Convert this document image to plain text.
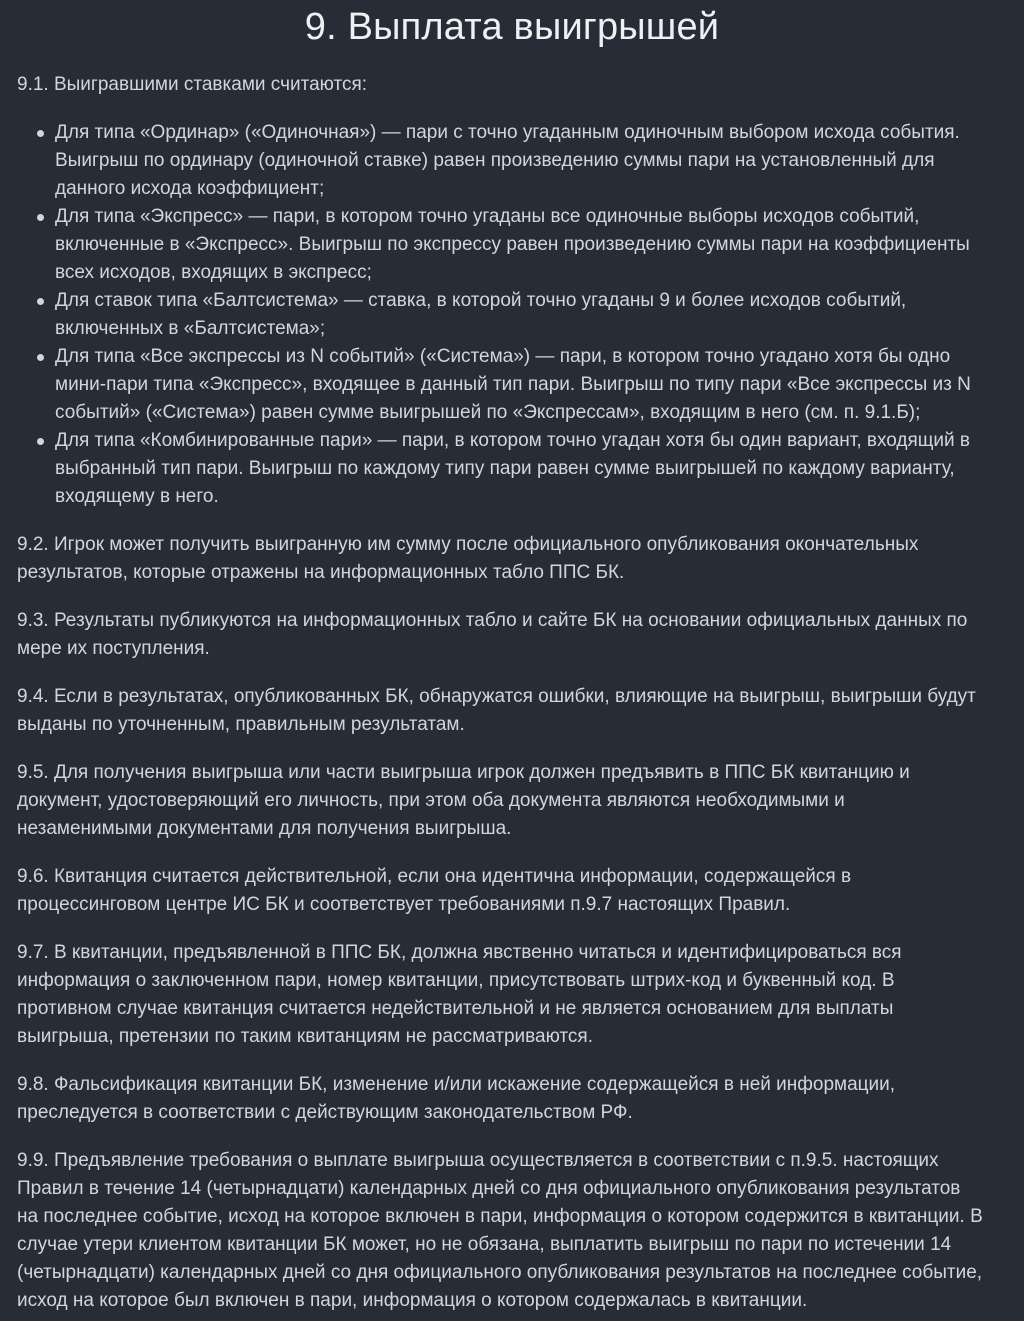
9. Выплата выигрышей

9.1. Выигравшими ставками считаются:

Для типа «Ординар» («Одиночная») — пари с точно угаданным одиночным выбором исхода события.
Выигрыш по ординару (одиночной ставке) равен произведению суммы пари на установленный для
данного исхода коэффициент;
Для типа «Экспресс» — пари, в котором точно угаданы все одиночные выборы исходов событий,
включенные в «Экспресс». Выигрыш по экспрессу равен произведению суммы пари на коэффициенты
всех исходов, входящих в экспресс;
Для ставок типа «Балтсистема» — ставка, в которой точно угаданы 9 и более исходов событий,
включенных в «Балтсистема»;
Для типа «Все экспрессы из N событий» («Система») — пари, в котором точно угадано хотя бы одно
мини-пари типа «Экспресс», входящее в данный тип пари. Выигрыш по типу пари «Все экспрессы из N
событий» («Система») равен сумме выигрышей по «Экспрессам», входящим в него (см. п. 9.1.Б);
Для типа «Комбинированные пари» — пари, в котором точно угадан хотя бы один вариант, входящий в
выбранный тип пари. Выигрыш по каждому типу пари равен сумме выигрышей по каждому варианту,
входящему в него.

9.2. Игрок может получить выигранную им сумму после официального опубликования окончательных
результатов, которые отражены на информационных табло ППС БК.

9.3. Результаты публикуются на информационных табло и сайте БК на основании официальных данных по
мере их поступления.

9.4. Если в результатах, опубликованных БК, обнаружатся ошибки, влияющие на выигрыш, выигрыши будут
выданы по уточненным, правильным результатам.

9.5. Для получения выигрыша или части выигрыша игрок должен предъявить в ППС БК квитанцию и
документ, удостоверяющий его личность, при этом оба документа являются необходимыми и
незаменимыми документами для получения выигрыша.

9.6. Квитанция считается действительной, если она идентична информации, содержащейся в
процессинговом центре ИС БК и соответствует требованиями п.9.7 настоящих Правил.

9.7. В квитанции, предъявленной в ППС БК, должна явственно читаться и идентифицироваться вся
информация о заключенном пари, номер квитанции, присутствовать штрих-код и буквенный код. В
противном случае квитанция считается недействительной и не является основанием для выплаты
выигрыша, претензии по таким квитанциям не рассматриваются.

9.8. Фальсификация квитанции БК, изменение и/или искажение содержащейся в ней информации,
преследуется в соответствии с действующим законодательством РФ.

9.9. Предъявление требования о выплате выигрыша осуществляется в соответствии с п.9.5. настоящих
Правил в течение 14 (четырнадцати) календарных дней со дня официального опубликования результатов
на последнее событие, исход на которое включен в пари, информация о котором содержится в квитанции. В
случае утери клиентом квитанции БК может, но не обязана, выплатить выигрыш по пари по истечении 14
(четырнадцати) календарных дней со дня официального опубликования результатов на последнее событие,
исход на которое был включен в пари, информация о котором содержалась в квитанции.
